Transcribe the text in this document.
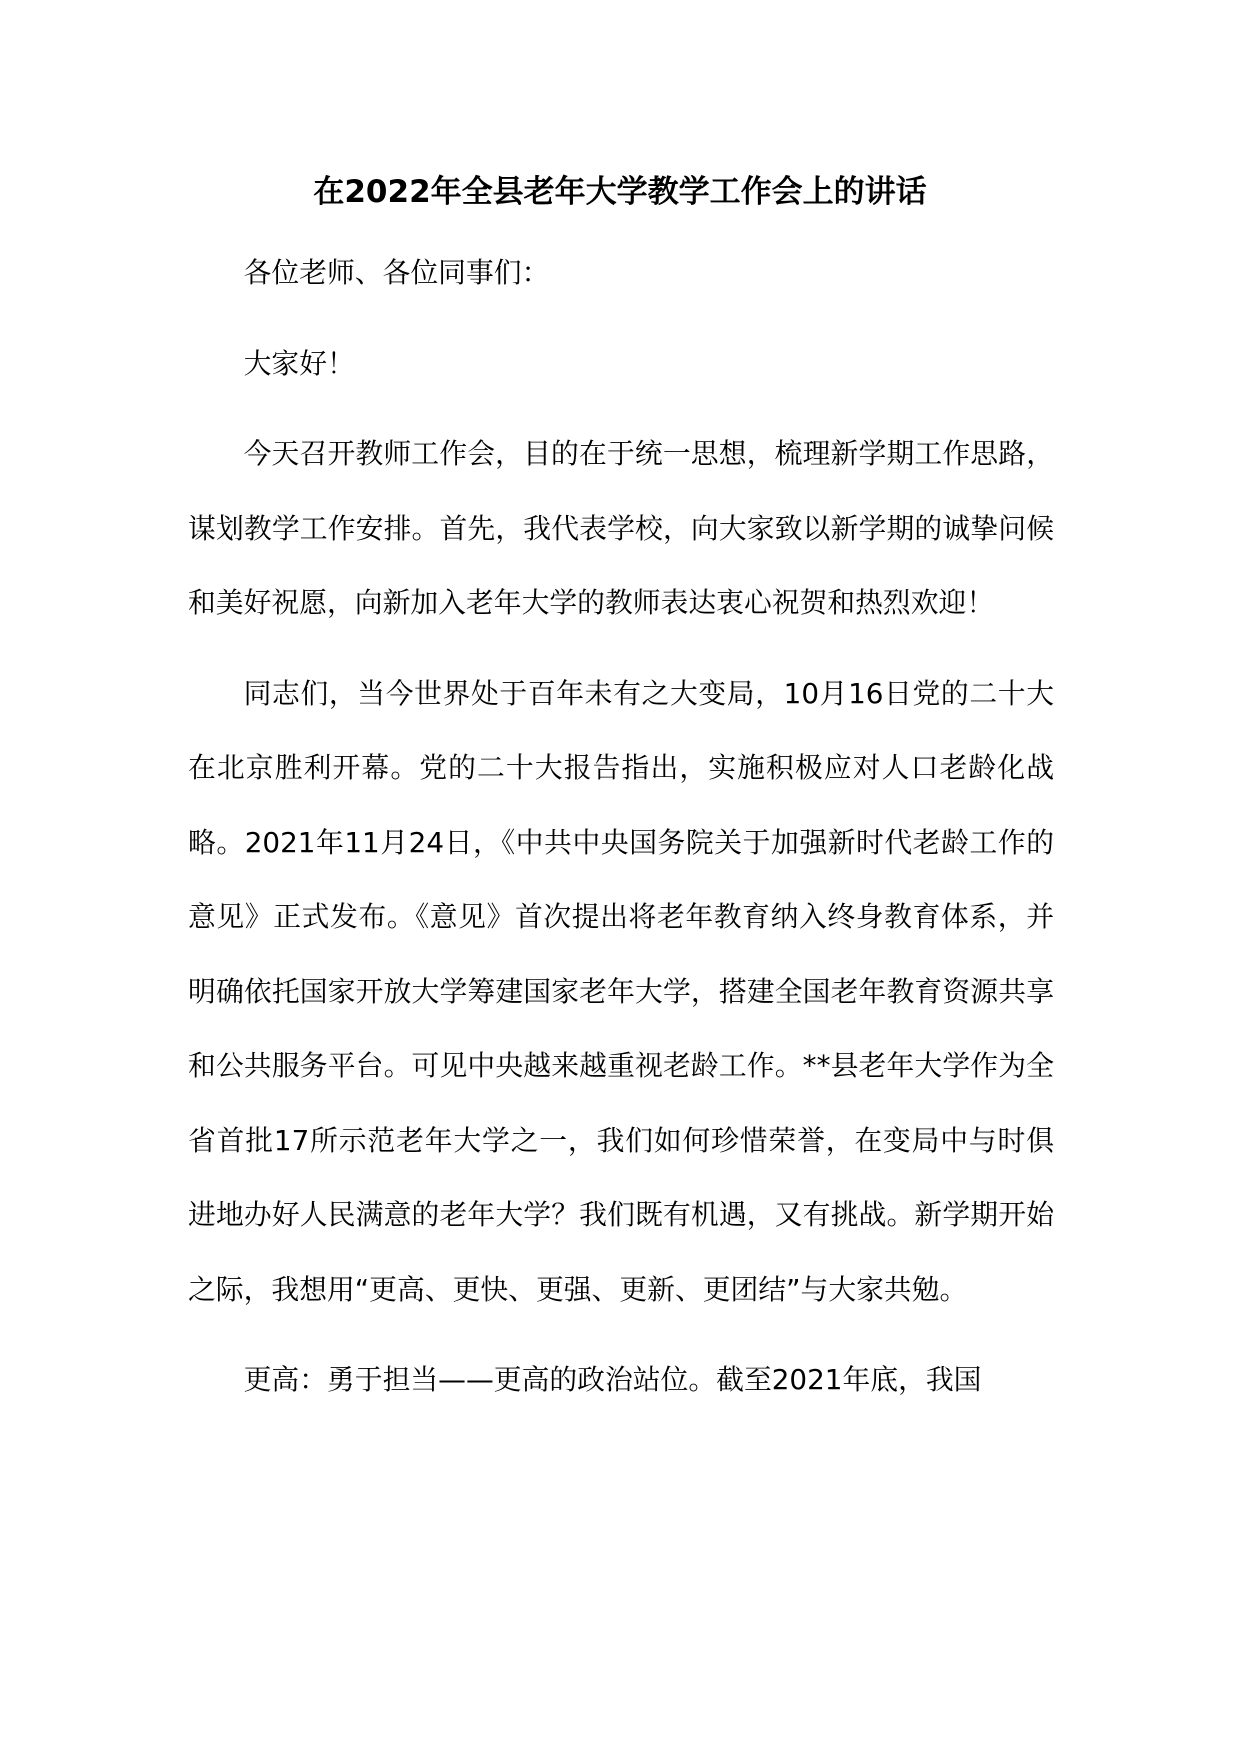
在2022年全县老年大学教学工作会上的讲话

各位老师、各位同事们：

大家好！

今天召开教师工作会，目的在于统一思想，梳理新学期工作思路，谋划教学工作安排。首先，我代表学校，向大家致以新学期的诚挚问候和美好祝愿，向新加入老年大学的教师表达衷心祝贺和热烈欢迎！

同志们，当今世界处于百年未有之大变局，10月16日党的二十大在北京胜利开幕。党的二十大报告指出，实施积极应对人口老龄化战略。2021年11月24日，《中共中央国务院关于加强新时代老龄工作的意见》正式发布。《意见》首次提出将老年教育纳入终身教育体系，并明确依托国家开放大学筹建国家老年大学，搭建全国老年教育资源共享和公共服务平台。可见中央越来越重视老龄工作。**县老年大学作为全省首批17所示范老年大学之一，我们如何珍惜荣誉，在变局中与时俱进地办好人民满意的老年大学？我们既有机遇，又有挑战。新学期开始之际，我想用“更高、更快、更强、更新、更团结”与大家共勉。

更高：勇于担当——更高的政治站位。截至2021年底，我国
